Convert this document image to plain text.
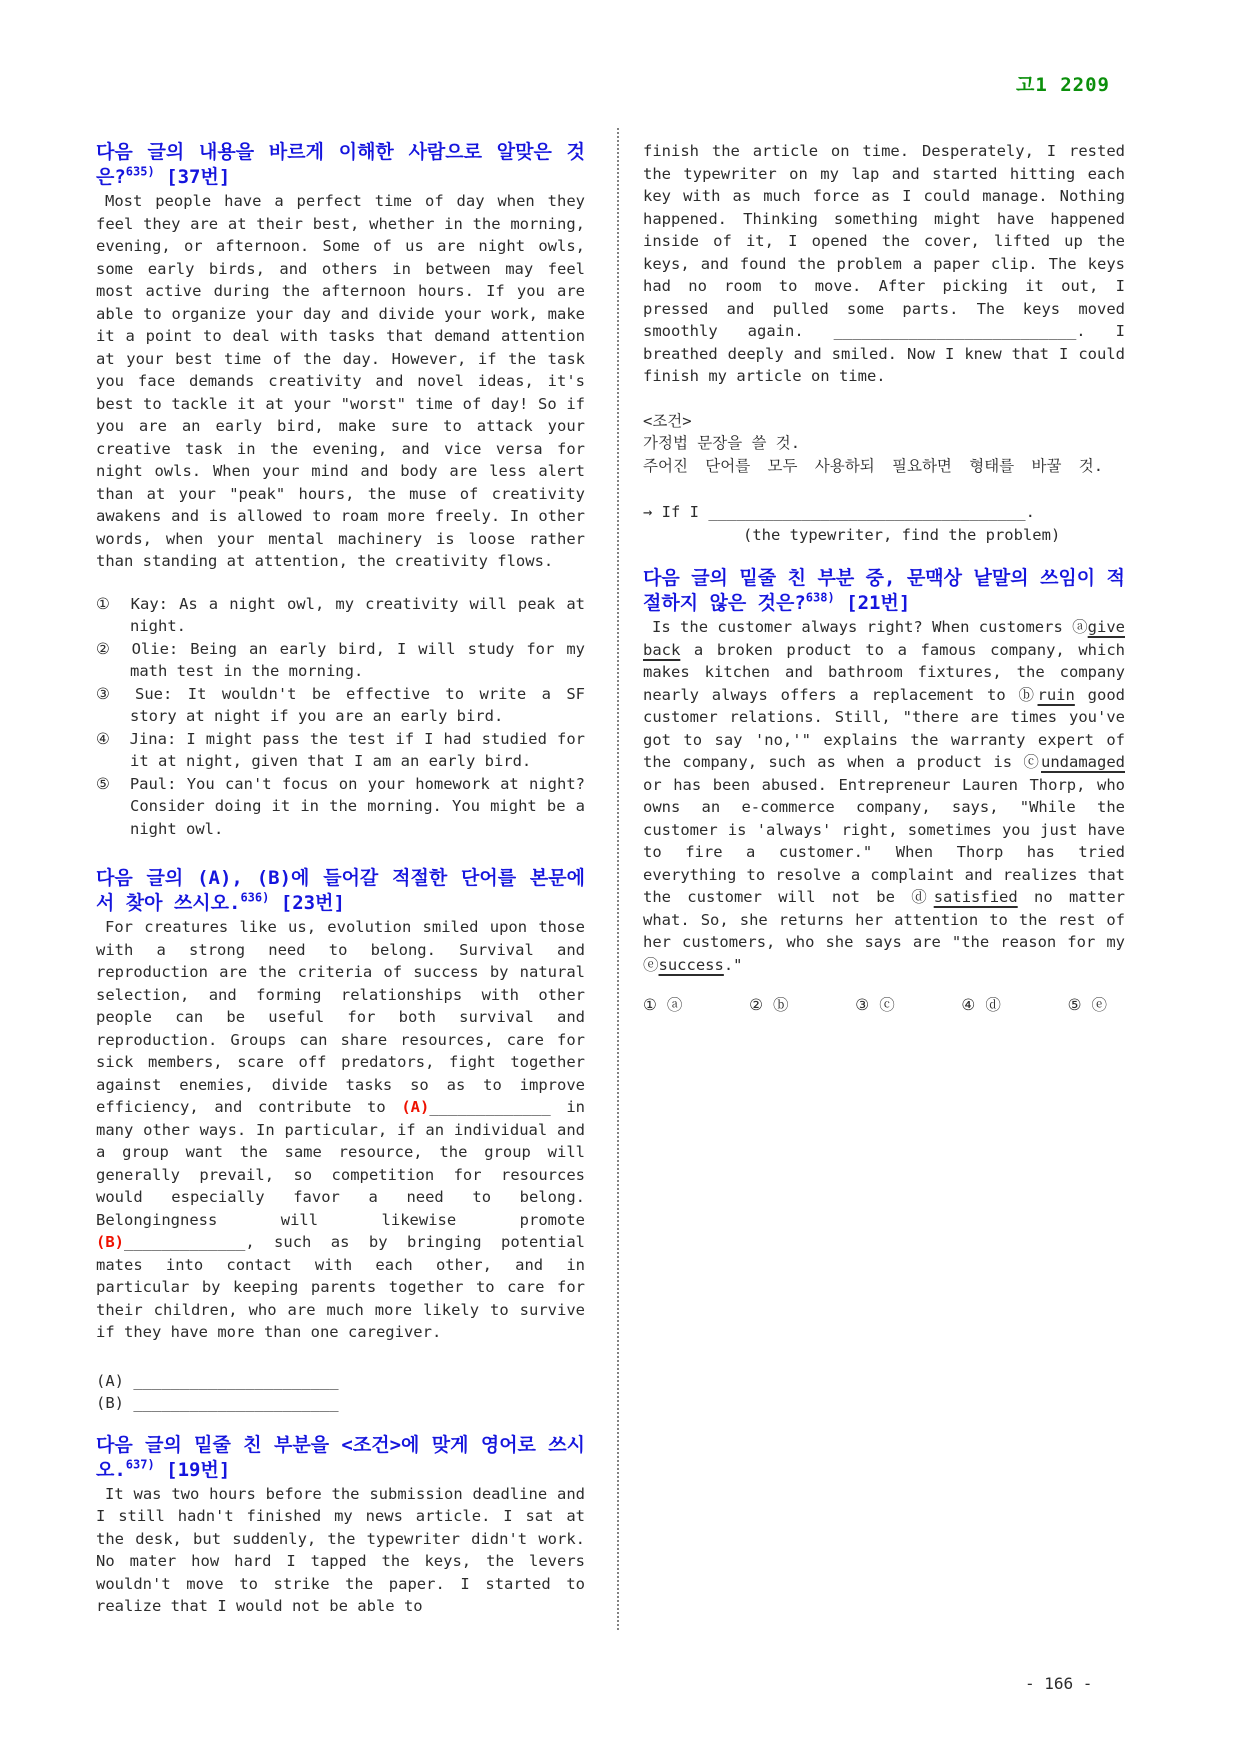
고1 2209
다음 글의 내용을 바르게 이해한 사람으로 알맞은 것은?$^{635)}$ [37번]

Most people have a perfect time of day when they feel they are at their best, whether in the morning, evening, or afternoon. Some of us are night owls, some early birds, and others in between may feel most active during the afternoon hours. If you are able to organize your day and divide your work, make it a point to deal with tasks that demand attention at your best time of the day. However, if the task you face demands creativity and novel ideas, it's best to tackle it at your "worst" time of day! So if you are an early bird, make sure to attack your creative task in the evening, and vice versa for night owls. When your mind and body are less alert than at your "peak" hours, the muse of creativity awakens and is allowed to roam more freely. In other words, when your mental machinery is loose rather than standing at attention, the creativity flows.

① Kay: As a night owl, my creativity will peak at night.
② Olie: Being an early bird, I will study for my math test in the morning.
③ Sue: It wouldn't be effective to write a SF story at night if you are an early bird.
④ Jina: I might pass the test if I had studied for it at night, given that I am an early bird.
⑤ Paul: You can't focus on your homework at night? Consider doing it in the morning. You might be a night owl.
다음 글의 (A), (B)에 들어갈 적절한 단어를 본문에서 찾아 쓰시오.$^{636)}$ [23번]

For creatures like us, evolution smiled upon those with a strong need to belong. Survival and reproduction are the criteria of success by natural selection, and forming relationships with other people can be useful for both survival and reproduction. Groups can share resources, care for sick members, scare off predators, fight together against enemies, divide tasks so as to improve efficiency, and contribute to (A)_____________ in many other ways. In particular, if an individual and a group want the same resource, the group will generally prevail, so competition for resources would especially favor a need to belong. Belongingness will likewise promote (B)_____________, such as by bringing potential mates into contact with each other, and in particular by keeping parents together to care for their children, who are much more likely to survive if they have more than one caregiver.

(A) ______________________
(B) ______________________
다음 글의 밑줄 친 부분을 <조건>에 맞게 영어로 쓰시오.$^{637)}$ [19번]

It was two hours before the submission deadline and I still hadn't finished my news article. I sat at the desk, but suddenly, the typewriter didn't work. No mater how hard I tapped the keys, the levers wouldn't move to strike the paper. I started to realize that I would not be able to

finish the article on time. Desperately, I rested the typewriter on my lap and started hitting each key with as much force as I could manage. Nothing happened. Thinking something might have happened inside of it, I opened the cover, lifted up the keys, and found the problem a paper clip. The keys had no room to move. After picking it out, I pressed and pulled some parts. The keys moved smoothly again. __________________________. I breathed deeply and smiled. Now I knew that I could finish my article on time.

<조건>

가정법 문장을 쓸 것.

주어진 단어를 모두 사용하되 필요하면 형태를 바꿀 것.

→ If I __________________________________.
(the typewriter, find the problem)
다음 글의 밑줄 친 부분 중, 문맥상 낱말의 쓰임이 적절하지 않은 것은?$^{638)}$ [21번]

Is the customer always right? When customers ⓐgive back a broken product to a famous company, which makes kitchen and bathroom fixtures, the company nearly always offers a replacement to ⓑruin good customer relations. Still, "there are times you've got to say 'no,'" explains the warranty expert of the company, such as when a product is ⓒundamaged or has been abused. Entrepreneur Lauren Thorp, who owns an e-commerce company, says, "While the customer is 'always' right, sometimes you just have to fire a customer." When Thorp has tried everything to resolve a complaint and realizes that the customer will not be ⓓsatisfied no matter what. So, she returns her attention to the rest of her customers, who she says are "the reason for my ⓔsuccess."

① ⓐ	② ⓑ	③ ⓒ	④ ⓓ	⑤ ⓔ
- 166 -
